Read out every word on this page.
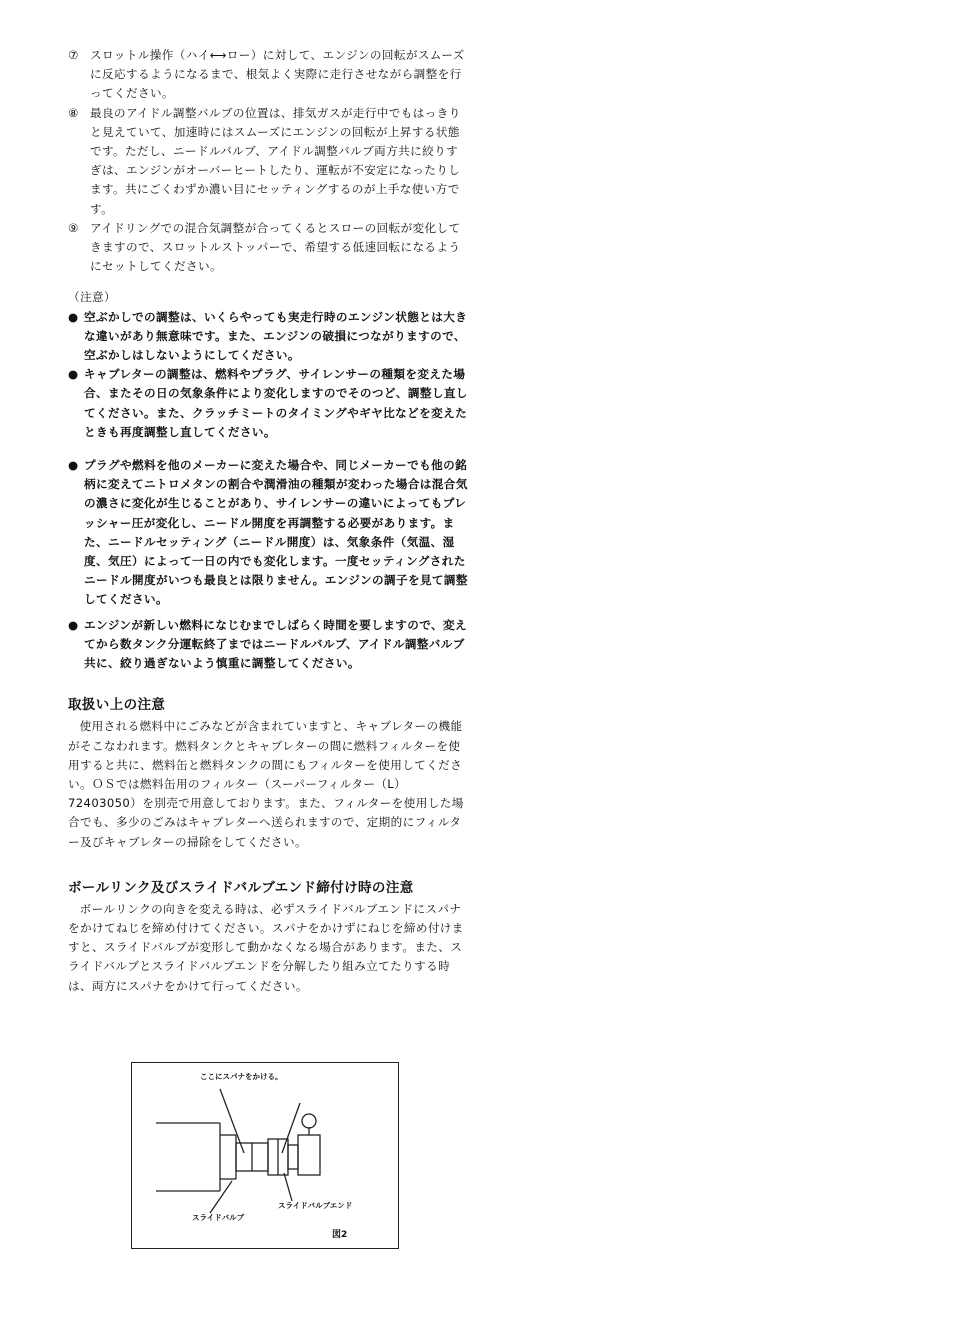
⑦ スロットル操作（ハイ⟷ロー）に対して、エンジンの回転がスムーズに反応するようになるまで、根気よく実際に走行させながら調整を行ってください。
⑧ 最良のアイドル調整バルブの位置は、排気ガスが走行中でもはっきりと見えていて、加速時にはスムーズにエンジンの回転が上昇する状態です。ただし、ニードルバルブ、アイドル調整バルブ両方共に絞りすぎは、エンジンがオーバーヒートしたり、運転が不安定になったりします。共にごくわずか濃い目にセッティングするのが上手な使い方です。
⑨ アイドリングでの混合気調整が合ってくるとスローの回転が変化してきますので、スロットルストッパーで、希望する低速回転になるようにセットしてください。
（注意）
● 空ぶかしでの調整は、いくらやっても実走行時のエンジン状態とは大きな違いがあり無意味です。また、エンジンの破損につながりますので、空ぶかしはしないようにしてください。
● キャブレターの調整は、燃料やプラグ、サイレンサーの種類を変えた場合、またその日の気象条件により変化しますのでそのつど、調整し直してください。また、クラッチミートのタイミングやギヤ比などを変えたときも再度調整し直してください。
● プラグや燃料を他のメーカーに変えた場合や、同じメーカーでも他の銘柄に変えてニトロメタンの割合や潤滑油の種類が変わった場合は混合気の濃さに変化が生じることがあり、サイレンサーの違いによってもプレッシャー圧が変化し、ニードル開度を再調整する必要があります。また、ニードルセッティング（ニードル開度）は、気象条件（気温、湿度、気圧）によって一日の内でも変化します。一度セッティングされたニードル開度がいつも最良とは限りません。エンジンの調子を見て調整してください。
● エンジンが新しい燃料になじむまでしばらく時間を要しますので、変えてから数タンク分運転終了まではニードルバルブ、アイドル調整バルブ共に、絞り過ぎないよう慎重に調整してください。
取扱い上の注意

使用される燃料中にごみなどが含まれていますと、キャブレターの機能がそこなわれます。燃料タンクとキャブレターの間に燃料フィルターを使用すると共に、燃料缶と燃料タンクの間にもフィルターを使用してください。ＯＳでは燃料缶用のフィルター（スーパーフィルター（L）72403050）を別売で用意しております。また、フィルターを使用した場合でも、多少のごみはキャブレターへ送られますので、定期的にフィルター及びキャブレターの掃除をしてください。

ボールリンク及びスライドバルブエンド締付け時の注意

ボールリンクの向きを変える時は、必ずスライドバルブエンドにスパナをかけてねじを締め付けてください。スパナをかけずにねじを締め付けますと、スライドバルブが変形して動かなくなる場合があります。また、スライドバルブとスライドバルブエンドを分解したり組み立てたりする時は、両方にスパナをかけて行ってください。

ここにスパナをかける。
スライドバルブ
スライドバルブエンド
図2
